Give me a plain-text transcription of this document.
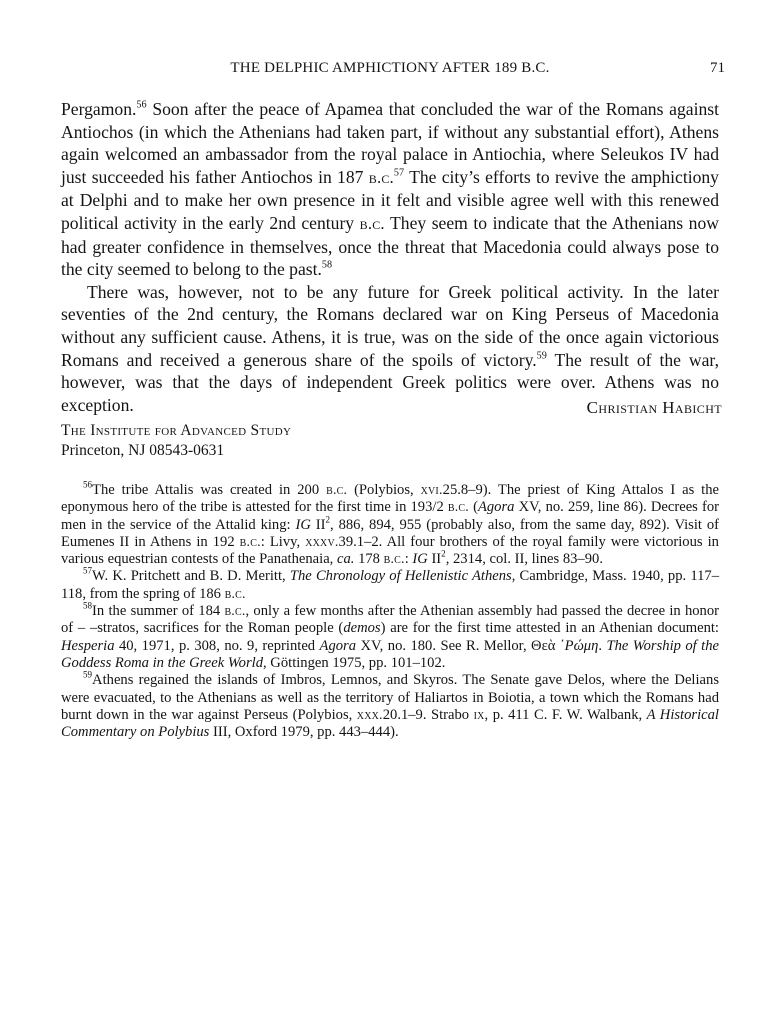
THE DELPHIC AMPHICTIONY AFTER 189 B.C.	71

Pergamon.$^{56}$ Soon after the peace of Apamea that concluded the war of the Romans against Antiochos (in which the Athenians had taken part, if without any substantial effort), Athens again welcomed an ambassador from the royal palace in Antiochia, where Seleukos IV had just succeeded his father Antiochos in 187 b.c.$^{57}$ The city’s efforts to revive the amphictiony at Delphi and to make her own presence in it felt and visible agree well with this renewed political activity in the early 2nd century b.c. They seem to indicate that the Athenians now had greater confidence in themselves, once the threat that Macedonia could always pose to the city seemed to belong to the past.$^{58}$

There was, however, not to be any future for Greek political activity. In the later seventies of the 2nd century, the Romans declared war on King Perseus of Macedonia without any sufficient cause. Athens, it is true, was on the side of the once again victorious Romans and received a generous share of the spoils of victory.$^{59}$ The result of the war, however, was that the days of independent Greek politics were over. Athens was no exception.	Christian Habicht
The Institute for Advanced Study
Princeton, NJ 08543-0631

$^{56}$The tribe Attalis was created in 200 b.c. (Polybios, xvi.25.8–9). The priest of King Attalos I as the eponymous hero of the tribe is attested for the first time in 193/2 b.c. (Agora XV, no. 259, line 86). Decrees for men in the service of the Attalid king: IG $II^2$, 886, 894, 955 (probably also, from the same day, 892). Visit of Eumenes II in Athens in 192 b.c.: Livy, xxxv.39.1–2. All four brothers of the royal family were victorious in various equestrian contests of the Panathenaia, ca. 178 b.c.: IG $II^2$, 2314, col. II, lines 83–90.

$^{57}$W. K. Pritchett and B. D. Meritt, The Chronology of Hellenistic Athens, Cambridge, Mass. 1940, pp. 117–118, from the spring of 186 b.c.

$^{58}$In the summer of 184 b.c., only a few months after the Athenian assembly had passed the decree in honor of – –stratos, sacrifices for the Roman people (demos) are for the first time attested in an Athenian document: Hesperia 40, 1971, p. 308, no. 9, reprinted Agora XV, no. 180. See R. Mellor, Θεὰ ῾Ρώμη. The Worship of the Goddess Roma in the Greek World, Göttingen 1975, pp. 101–102.

$^{59}$Athens regained the islands of Imbros, Lemnos, and Skyros. The Senate gave Delos, where the Delians were evacuated, to the Athenians as well as the territory of Haliartos in Boiotia, a town which the Romans had burnt down in the war against Perseus (Polybios, xxx.20.1–9. Strabo ix, p. 411 C. F. W. Walbank, A Historical Commentary on Polybius III, Oxford 1979, pp. 443–444).
